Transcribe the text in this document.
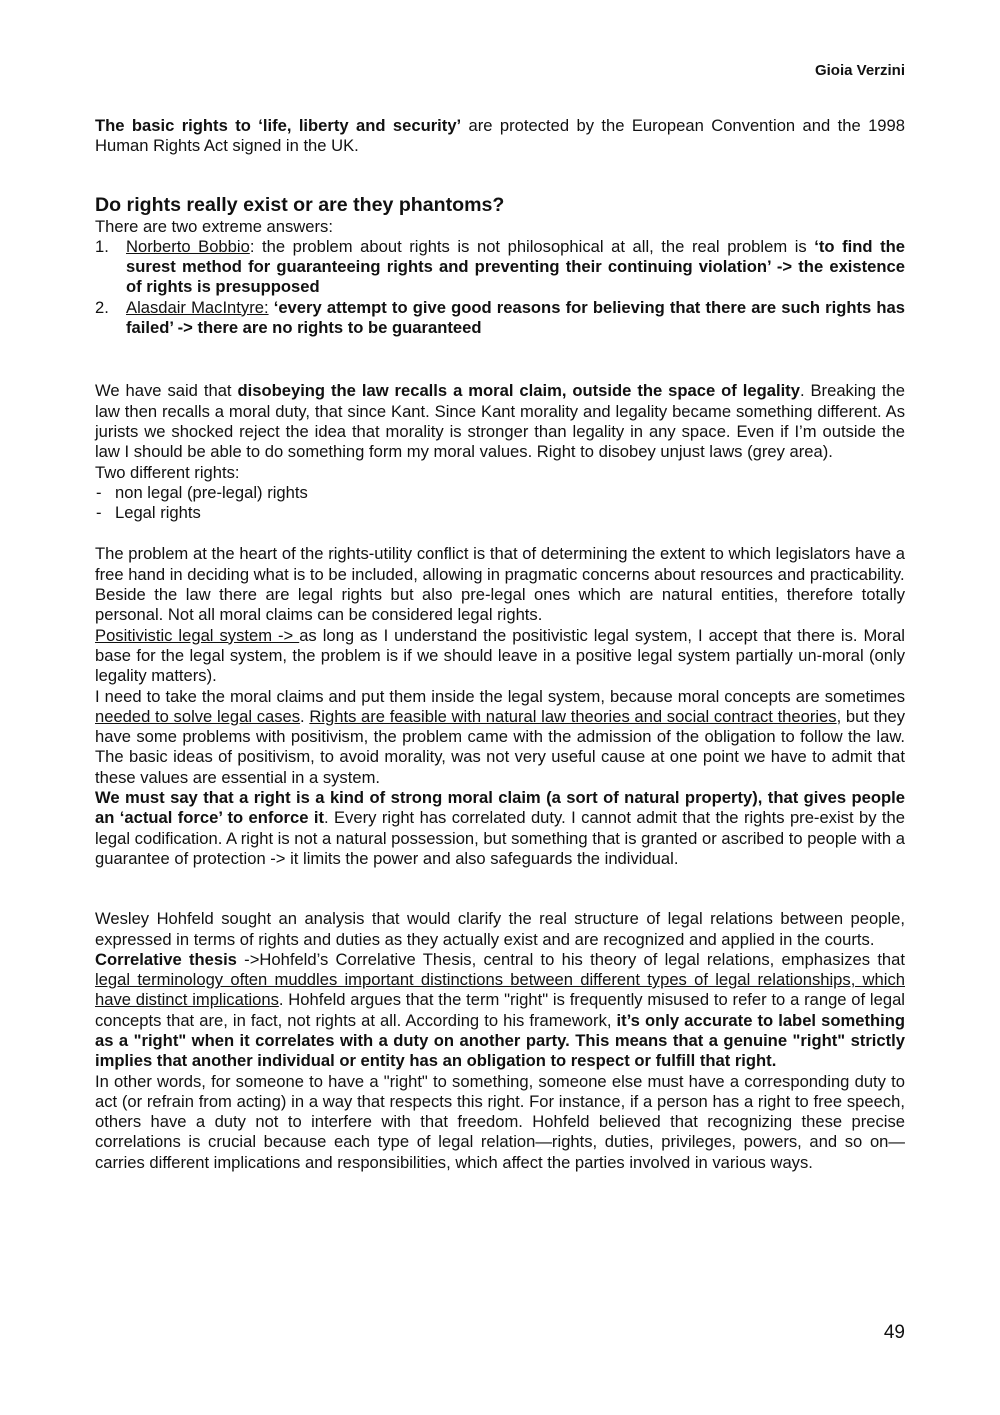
Gioia Verzini

The basic rights to ‘life, liberty and security’ are protected by the European Convention and the 1998 Human Rights Act signed in the UK.

Do rights really exist or are they phantoms?

There are two extreme answers:

1. Norberto Bobbio: the problem about rights is not philosophical at all, the real problem is ‘to find the surest method for guaranteeing rights and preventing their continuing violation’ -> the existence of rights is presupposed
2. Alasdair MacIntyre: ‘every attempt to give good reasons for believing that there are such rights has failed’ -> there are no rights to be guaranteed

We have said that disobeying the law recalls a moral claim, outside the space of legality. Breaking the law then recalls a moral duty, that since Kant. Since Kant morality and legality became something different. As jurists we shocked reject the idea that morality is stronger than legality in any space. Even if I’m outside the law I should be able to do something form my moral values. Right to disobey unjust laws (grey area).

Two different rights:

- non legal (pre-legal) rights
- Legal rights

The problem at the heart of the rights-utility conflict is that of determining the extent to which legislators have a free hand in deciding what is to be included, allowing in pragmatic concerns about resources and practicability.

Beside the law there are legal rights but also pre-legal ones which are natural entities, therefore totally personal. Not all moral claims can be considered legal rights.

Positivistic legal system -> as long as I understand the positivistic legal system, I accept that there is. Moral base for the legal system, the problem is if we should leave in a positive legal system partially un-moral (only legality matters).

I need to take the moral claims and put them inside the legal system, because moral concepts are sometimes needed to solve legal cases. Rights are feasible with natural law theories and social contract theories, but they have some problems with positivism, the problem came with the admission of the obligation to follow the law. The basic ideas of positivism, to avoid morality, was not very useful cause at one point we have to admit that these values are essential in a system.

We must say that a right is a kind of strong moral claim (a sort of natural property), that gives people an ‘actual force’ to enforce it. Every right has correlated duty. I cannot admit that the rights pre-exist by the legal codification. A right is not a natural possession, but something that is granted or ascribed to people with a guarantee of protection -> it limits the power and also safeguards the individual.

Wesley Hohfeld sought an analysis that would clarify the real structure of legal relations between people, expressed in terms of rights and duties as they actually exist and are recognized and applied in the courts.

Correlative thesis ->Hohfeld’s Correlative Thesis, central to his theory of legal relations, emphasizes that legal terminology often muddles important distinctions between different types of legal relationships, which have distinct implications. Hohfeld argues that the term "right" is frequently misused to refer to a range of legal concepts that are, in fact, not rights at all. According to his framework, it’s only accurate to label something as a "right" when it correlates with a duty on another party. This means that a genuine "right" strictly implies that another individual or entity has an obligation to respect or fulfill that right.

In other words, for someone to have a "right" to something, someone else must have a corresponding duty to act (or refrain from acting) in a way that respects this right. For instance, if a person has a right to free speech, others have a duty not to interfere with that freedom. Hohfeld believed that recognizing these precise correlations is crucial because each type of legal relation—rights, duties, privileges, powers, and so on—carries different implications and responsibilities, which affect the parties involved in various ways.

49
